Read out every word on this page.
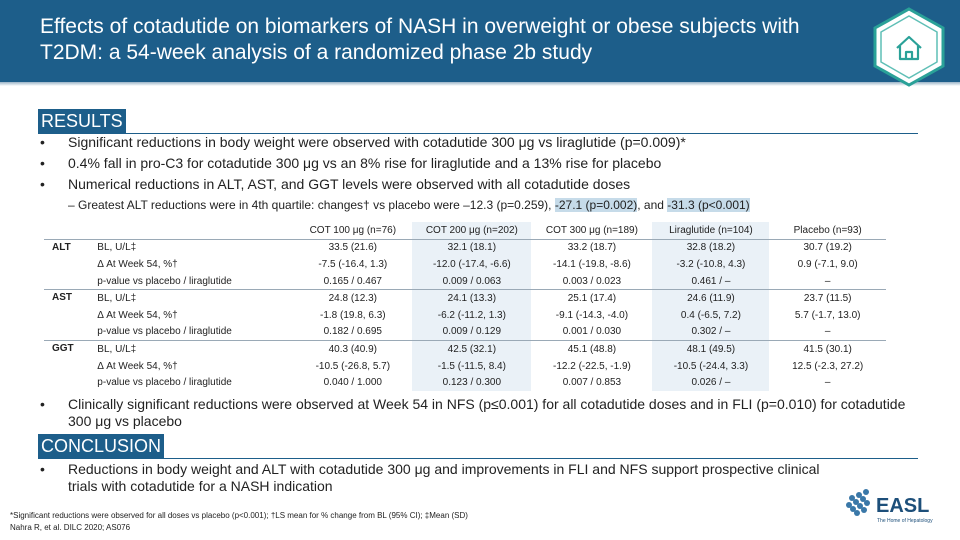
Effects of cotadutide on biomarkers of NASH in overweight or obese subjects with T2DM: a 54-week analysis of a randomized phase 2b study
RESULTS
• Significant reductions in body weight were observed with cotadutide 300 μg vs liraglutide (p=0.009)*
• 0.4% fall in pro-C3 for cotadutide 300 μg vs an 8% rise for liraglutide and a 13% rise for placebo
• Numerical reductions in ALT, AST, and GGT levels were observed with all cotadutide doses
– Greatest ALT reductions were in 4th quartile: changes† vs placebo were –12.3 (p=0.259), -27.1 (p=0.002), and -31.3 (p<0.001)
		COT 100 μg (n=76)	COT 200 μg (n=202)	COT 300 μg (n=189)	Liraglutide (n=104)	Placebo (n=93)
ALT	BL, U/L‡	33.5 (21.6)	32.1 (18.1)	33.2 (18.7)	32.8 (18.2)	30.7 (19.2)
	Δ At Week 54, %†	-7.5 (-16.4, 1.3)	-12.0 (-17.4, -6.6)	-14.1 (-19.8, -8.6)	-3.2 (-10.8, 4.3)	0.9 (-7.1, 9.0)
	p-value vs placebo / liraglutide	0.165 / 0.467	0.009 / 0.063	0.003 / 0.023	0.461 / –	–
AST	BL, U/L‡	24.8 (12.3)	24.1 (13.3)	25.1 (17.4)	24.6 (11.9)	23.7 (11.5)
	Δ At Week 54, %†	-1.8 (19.8, 6.3)	-6.2 (-11.2, 1.3)	-9.1 (-14.3, -4.0)	0.4 (-6.5, 7.2)	5.7 (-1.7, 13.0)
	p-value vs placebo / liraglutide	0.182 / 0.695	0.009 / 0.129	0.001 / 0.030	0.302 / –	–
GGT	BL, U/L‡	40.3 (40.9)	42.5 (32.1)	45.1 (48.8)	48.1 (49.5)	41.5 (30.1)
	Δ At Week 54, %†	-10.5 (-26.8, 5.7)	-1.5 (-11.5, 8.4)	-12.2 (-22.5, -1.9)	-10.5 (-24.4, 3.3)	12.5 (-2.3, 27.2)
	p-value vs placebo / liraglutide	0.040 / 1.000	0.123 / 0.300	0.007 / 0.853	0.026 / –	–
• Clinically significant reductions were observed at Week 54 in NFS (p≤0.001) for all cotadutide doses and in FLI (p=0.010) for cotadutide 300 μg vs placebo
CONCLUSION
• Reductions in body weight and ALT with cotadutide 300 μg and improvements in FLI and NFS support prospective clinical trials with cotadutide for a NASH indication
*Significant reductions were observed for all doses vs placebo (p<0.001); †LS mean for % change from BL (95% CI); ‡Mean (SD)
Nahra R, et al. DILC 2020; AS076
EASL
The Home of Hepatology
